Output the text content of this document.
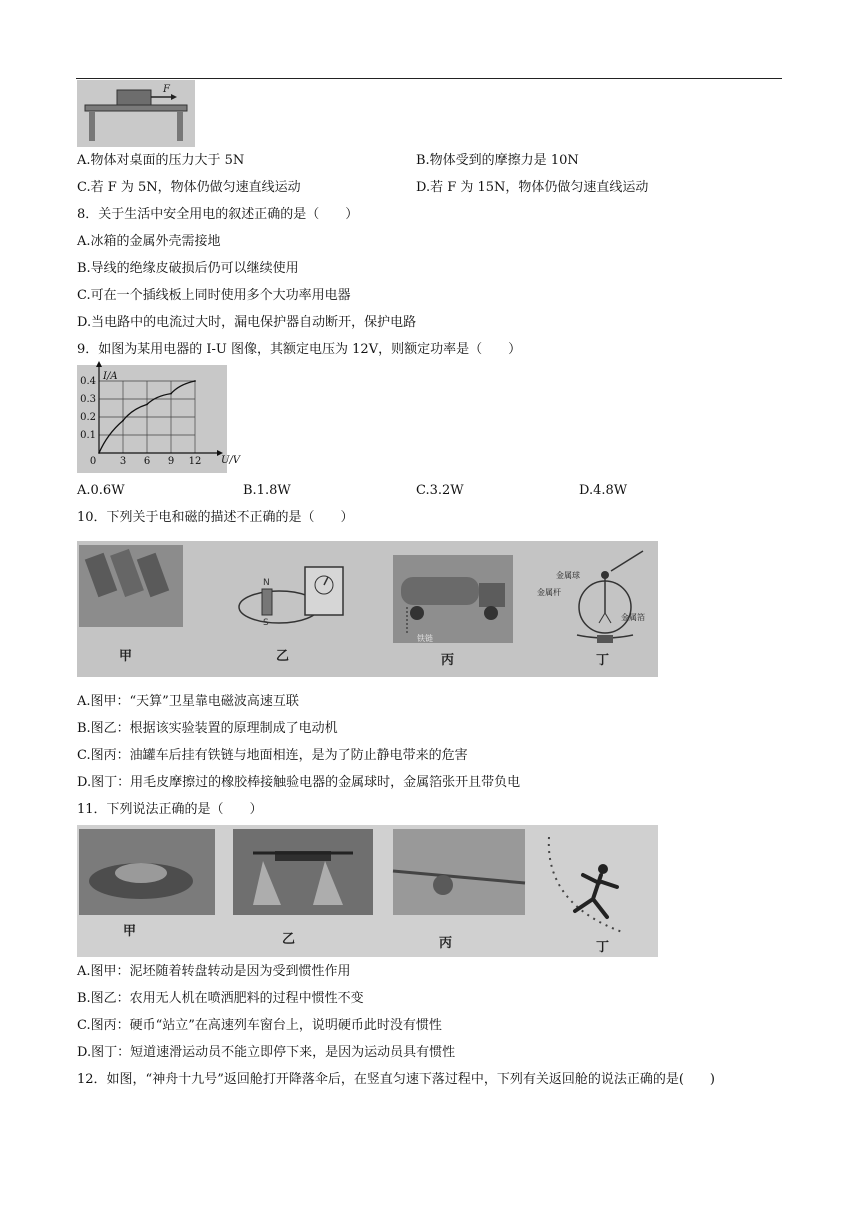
F
A.物体对桌面的压力大于 5N	B.物体受到的摩擦力是 10N
C.若 F 为 5N，物体仍做匀速直线运动	D.若 F 为 15N，物体仍做匀速直线运动
8．关于生活中安全用电的叙述正确的是（　　）
A.冰箱的金属外壳需接地
B.导线的绝缘皮破损后仍可以继续使用
C.可在一个插线板上同时使用多个大功率用电器
D.当电路中的电流过大时，漏电保护器自动断开，保护电路
9．如图为某用电器的 I-U 图像，其额定电压为 12V，则额定功率是（　　）
0 3 6 9 12
0.1
0.2
0.3
0.4 I/A
U/V
A.0.6W	B.1.8W	C.3.2W	D.4.8W
10．下列关于电和磁的描述不正确的是（　　）
N
S
甲	乙	丙	丁
金属球
金属杆
金属箔
铁链
A.图甲：“天算”卫星靠电磁波高速互联
B.图乙：根据该实验装置的原理制成了电动机
C.图丙：油罐车后挂有铁链与地面相连，是为了防止静电带来的危害
D.图丁：用毛皮摩擦过的橡胶棒接触验电器的金属球时，金属箔张开且带负电
11．下列说法正确的是（　　）
甲
乙	丙	丁
A.图甲：泥坯随着转盘转动是因为受到惯性作用
B.图乙：农用无人机在喷洒肥料的过程中惯性不变
C.图丙：硬币“站立”在高速列车窗台上，说明硬币此时没有惯性
D.图丁：短道速滑运动员不能立即停下来，是因为运动员具有惯性
12．如图，“神舟十九号”返回舱打开降落伞后，在竖直匀速下落过程中，下列有关返回舱的说法正确的是(　　)
